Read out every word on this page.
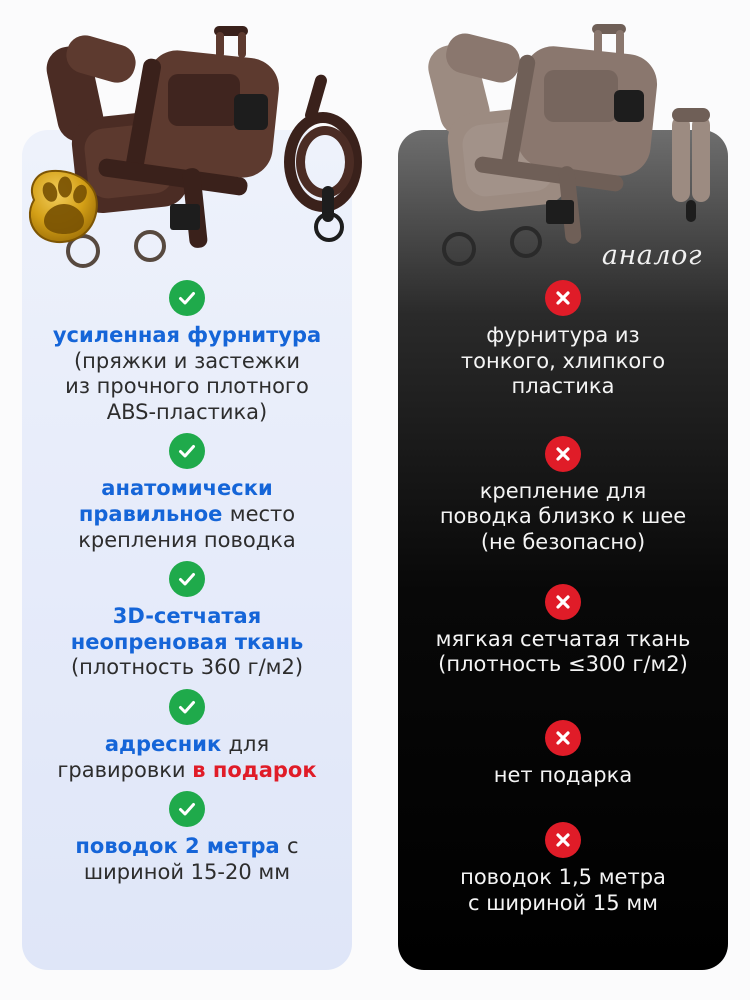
аналог
усиленная фурнитура
(пряжки и застежки
из прочного плотного
ABS-пластика)
анатомически
правильное место
крепления поводка
3D-сетчатая
неопреновая ткань
(плотность 360 г/м2)
адресник для
гравировки в подарок
поводок 2 метра с
шириной 15-20 мм
фурнитура из
тонкого, хлипкого
пластика
крепление для
поводка близко к шее
(не безопасно)
мягкая сетчатая ткань
(плотность ≤300 г/м2)
нет подарка
поводок 1,5 метра
с шириной 15 мм
